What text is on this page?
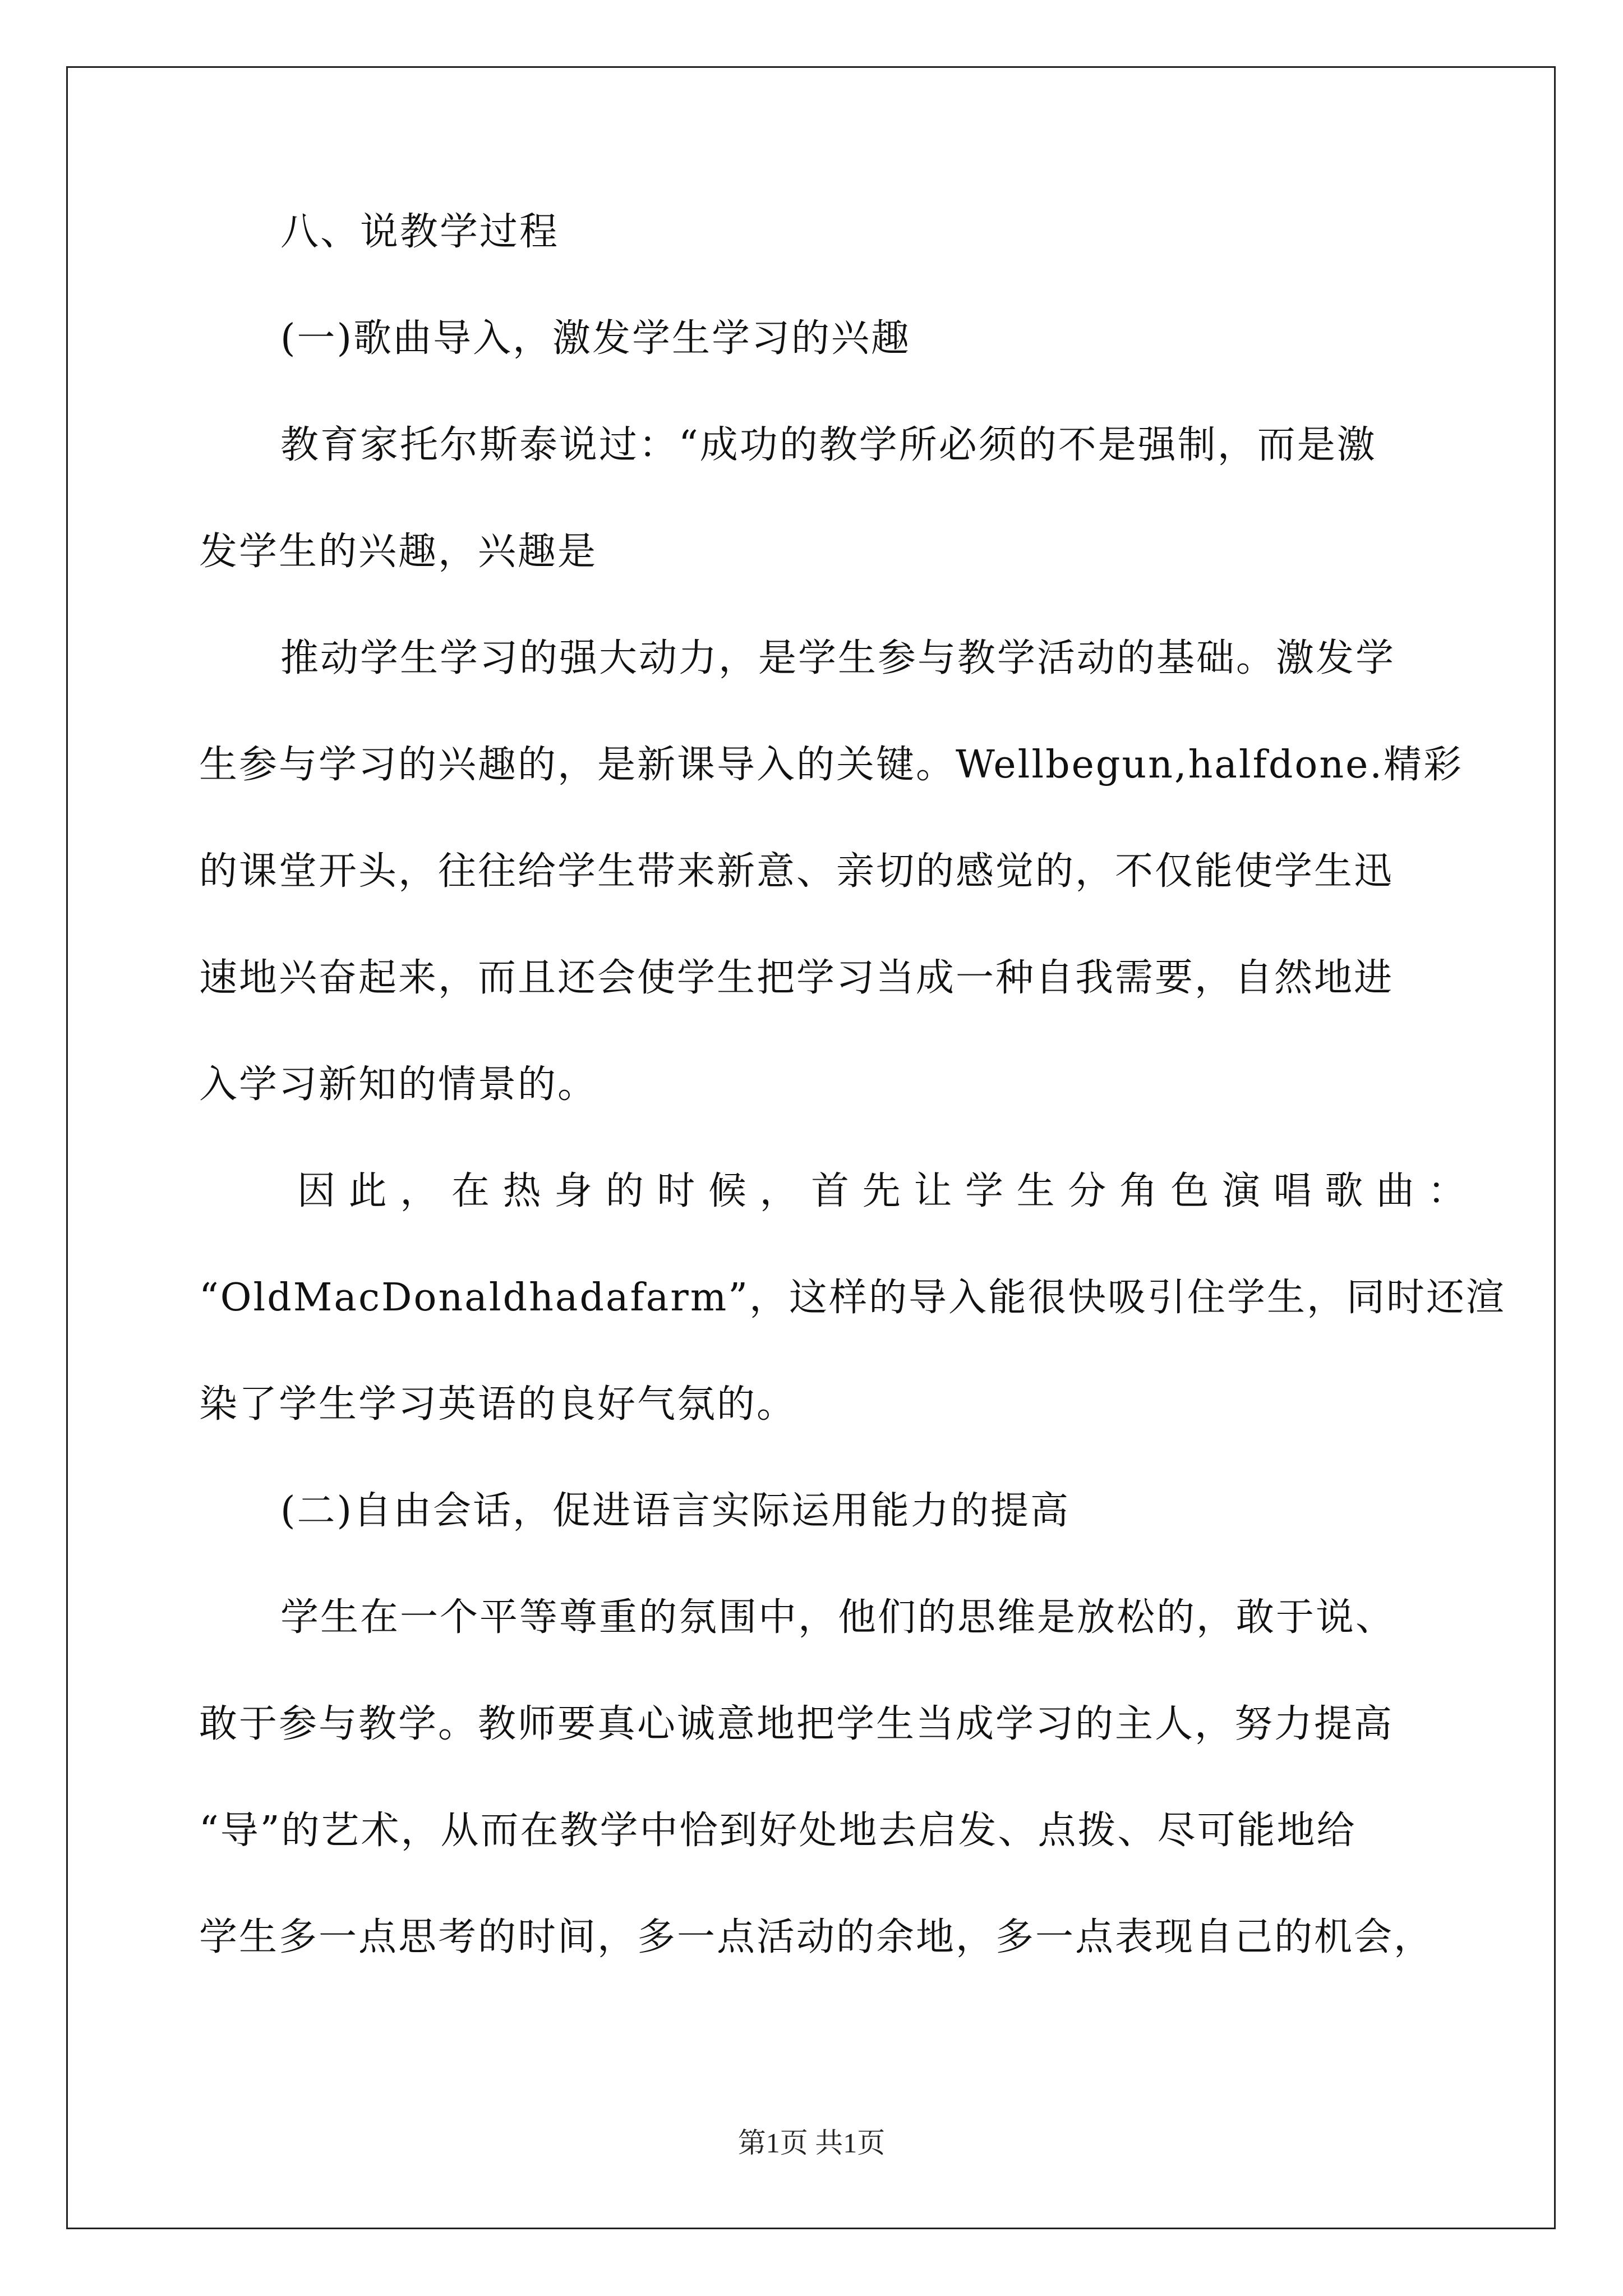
八、说教学过程
(一)歌曲导入，激发学生学习的兴趣
教育家托尔斯泰说过：“成功的教学所必须的不是强制，而是激
发学生的兴趣，兴趣是
推动学生学习的强大动力，是学生参与教学活动的基础。激发学
生参与学习的兴趣的，是新课导入的关键。Wellbegun,halfdone.精彩
的课堂开头，往往给学生带来新意、亲切的感觉的，不仅能使学生迅
速地兴奋起来，而且还会使学生把学习当成一种自我需要，自然地进
入学习新知的情景的。
因 此 ， 在 热 身 的 时 候 ， 首 先 让 学 生 分 角 色 演 唱 歌 曲 ：
“OldMacDonaldhadafarm”，这样的导入能很快吸引住学生，同时还渲
染了学生学习英语的良好气氛的。
(二)自由会话，促进语言实际运用能力的提高
学生在一个平等尊重的氛围中，他们的思维是放松的，敢于说、
敢于参与教学。教师要真心诚意地把学生当成学习的主人，努力提高
“导”的艺术，从而在教学中恰到好处地去启发、点拨、尽可能地给
学生多一点思考的时间，多一点活动的余地，多一点表现自己的机会，
第1页 共1页
